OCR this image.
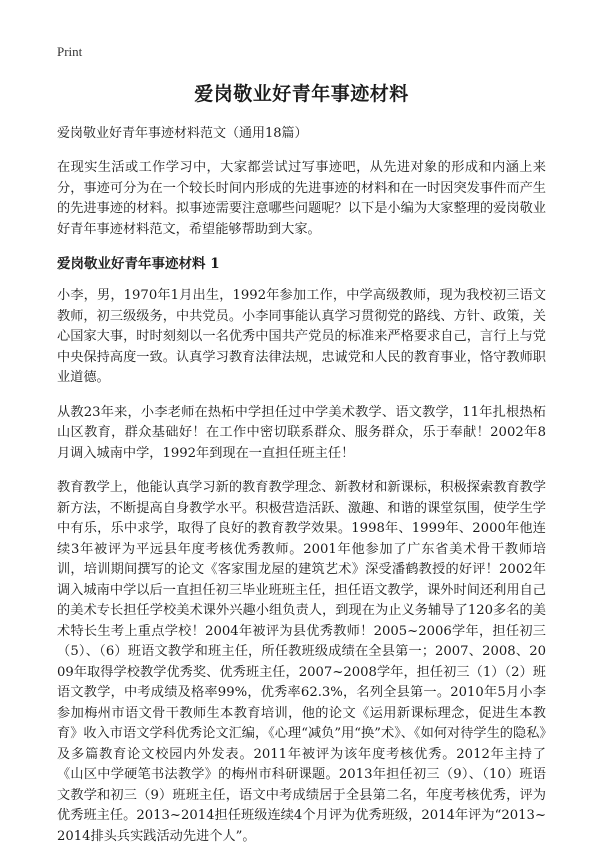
Print
爱岗敬业好青年事迹材料
爱岗敬业好青年事迹材料范文（通用18篇）

在现实生活或工作学习中，大家都尝试过写事迹吧，从先进对象的形成和内涵上来分，事迹可分为在一个较长时间内形成的先进事迹的材料和在一时因突发事件而产生的先进事迹的材料。拟事迹需要注意哪些问题呢？以下是小编为大家整理的爱岗敬业好青年事迹材料范文，希望能够帮助到大家。

爱岗敬业好青年事迹材料 1

小李，男，1970年1月出生，1992年参加工作，中学高级教师，现为我校初三语文教师，初三级级务，中共党员。小李同事能认真学习贯彻党的路线、方针、政策，关心国家大事，时时刻刻以一名优秀中国共产党员的标准来严格要求自己，言行上与党中央保持高度一致。认真学习教育法律法规，忠诚党和人民的教育事业，恪守教师职业道德。

从教23年来，小李老师在热柘中学担任过中学美术教学、语文教学，11年扎根热柘山区教育，群众基础好！在工作中密切联系群众、服务群众，乐于奉献！2002年8月调入城南中学，1992年到现在一直担任班主任！

教育教学上，他能认真学习新的教育教学理念、新教材和新课标，积极探索教育教学新方法，不断提高自身教学水平。积极营造活跃、激趣、和谐的课堂氛围，使学生学中有乐，乐中求学，取得了良好的教育教学效果。1998年、1999年、2000年他连续3年被评为平远县年度考核优秀教师。2001年他参加了广东省美术骨干教师培训，培训期间撰写的论文《客家围龙屋的建筑艺术》深受潘鹤教授的好评！2002年调入城南中学以后一直担任初三毕业班班主任，担任语文教学，课外时间还利用自己的美术专长担任学校美术课外兴趣小组负责人，到现在为止义务辅导了120多名的美术特长生考上重点学校！2004年被评为县优秀教师！2005~2006学年，担任初三（5）、（6）班语文教学和班主任，所任教班级成绩在全县第一；2007、2008、2009年取得学校教学优秀奖、优秀班主任，2007~2008学年，担任初三（1）（2）班语文教学，中考成绩及格率99%，优秀率62.3%，名列全县第一。2010年5月小李参加梅州市语文骨干教师生本教育培训，他的论文《运用新课标理念，促进生本教育》收入市语文学科优秀论文汇编，《心理“减负”用“换”术》、《如何对待学生的隐私》及多篇教育论文校园内外发表。2011年被评为该年度考核优秀。2012年主持了《山区中学硬笔书法教学》的梅州市科研课题。2013年担任初三（9）、（10）班语文教学和初三（9）班班主任，语文中考成绩居于全县第二名，年度考核优秀，评为优秀班主任。2013~2014担任班级连续4个月评为优秀班级，2014年评为“2013~2014排头兵实践活动先进个人”。
